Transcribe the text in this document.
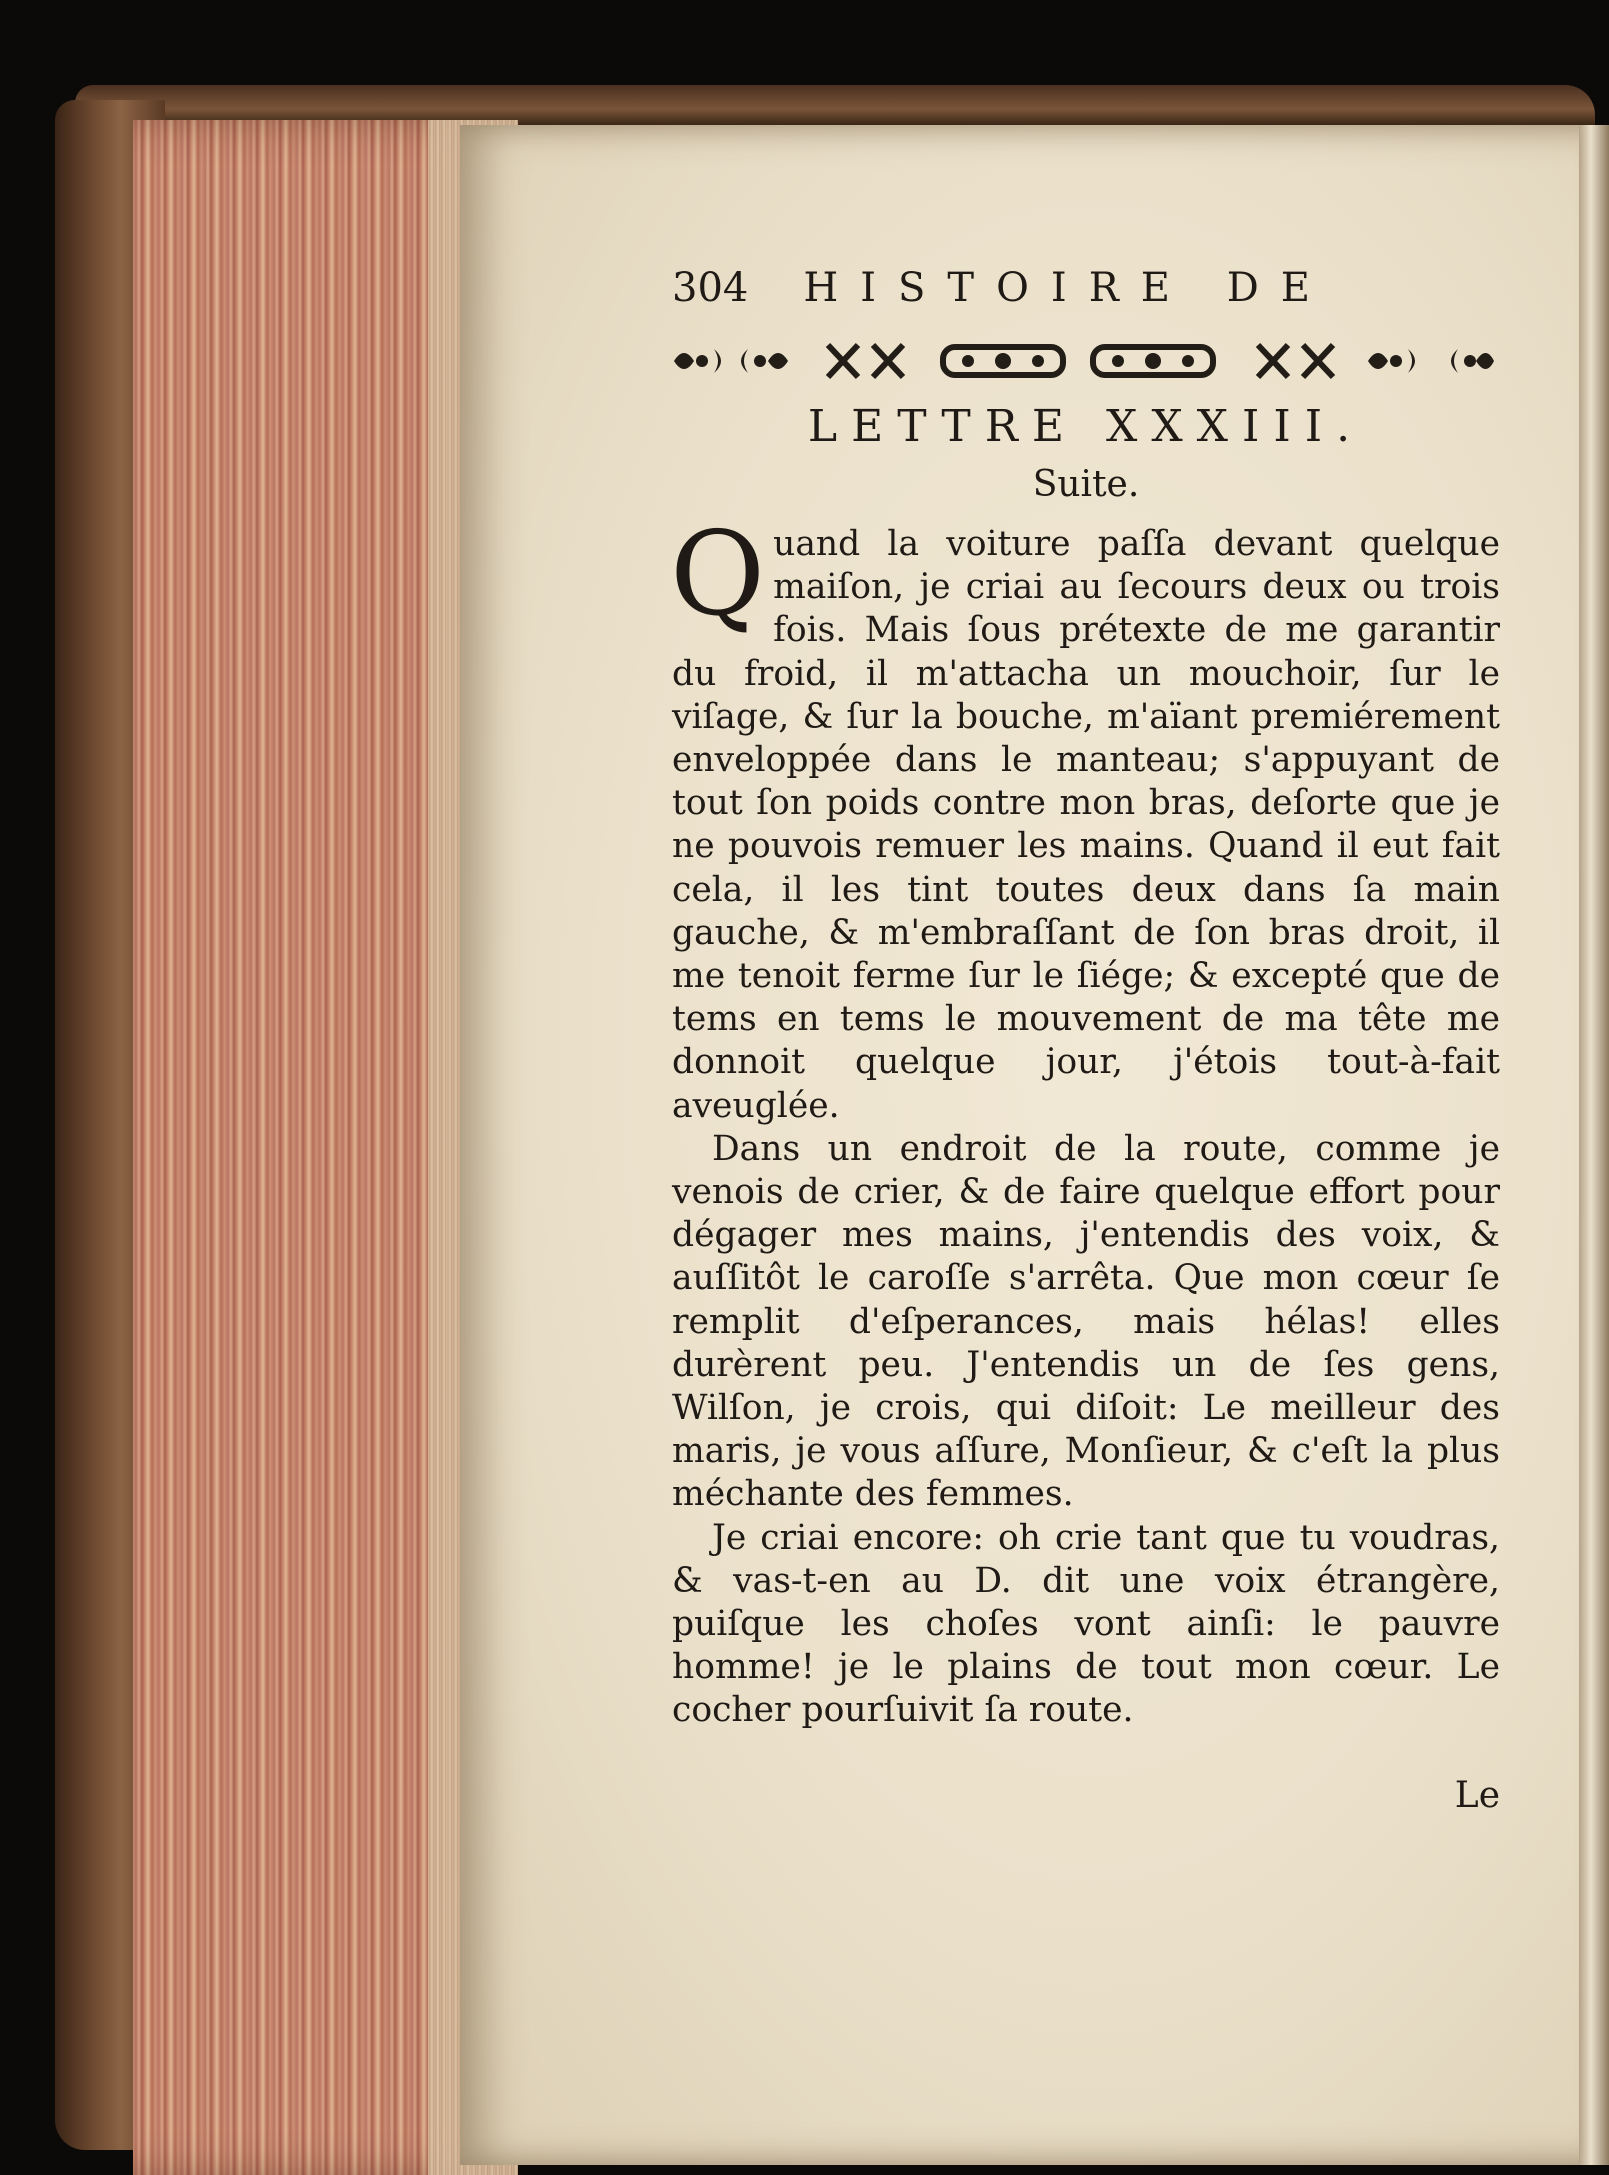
304 HISTOIRE DE
LETTRE XXXIII.
Suite.

Quand la voiture paſſa devant quelque maiſon, je criai au ſecours deux ou trois fois. Mais ſous prétexte de me garantir du froid, il m'attacha un mouchoir, ſur le viſage, & ſur la bouche, m'aïant premiérement enveloppée dans le manteau; s'appuyant de tout ſon poids contre mon bras, deſorte que je ne pouvois remuer les mains. Quand il eut fait cela, il les tint toutes deux dans ſa main gauche, & m'embraſſant de ſon bras droit, il me tenoit ferme ſur le ſiége; & excepté que de tems en tems le mouvement de ma tête me donnoit quelque jour, j'étois tout-à-fait aveuglée.

Dans un endroit de la route, comme je venois de crier, & de faire quelque effort pour dégager mes mains, j'entendis des voix, & auſſitôt le caroſſe s'arrêta. Que mon cœur ſe remplit d'eſperances, mais hélas! elles durèrent peu. J'entendis un de ſes gens, Wilſon, je crois, qui diſoit: Le meilleur des maris, je vous aſſure, Monſieur, & c'eſt la plus méchante des femmes.

Je criai encore: oh crie tant que tu voudras, & vas-t-en au D. dit une voix étrangère, puiſque les choſes vont ainſi: le pauvre homme! je le plains de tout mon cœur. Le cocher pourſuivit ſa route.

Le
